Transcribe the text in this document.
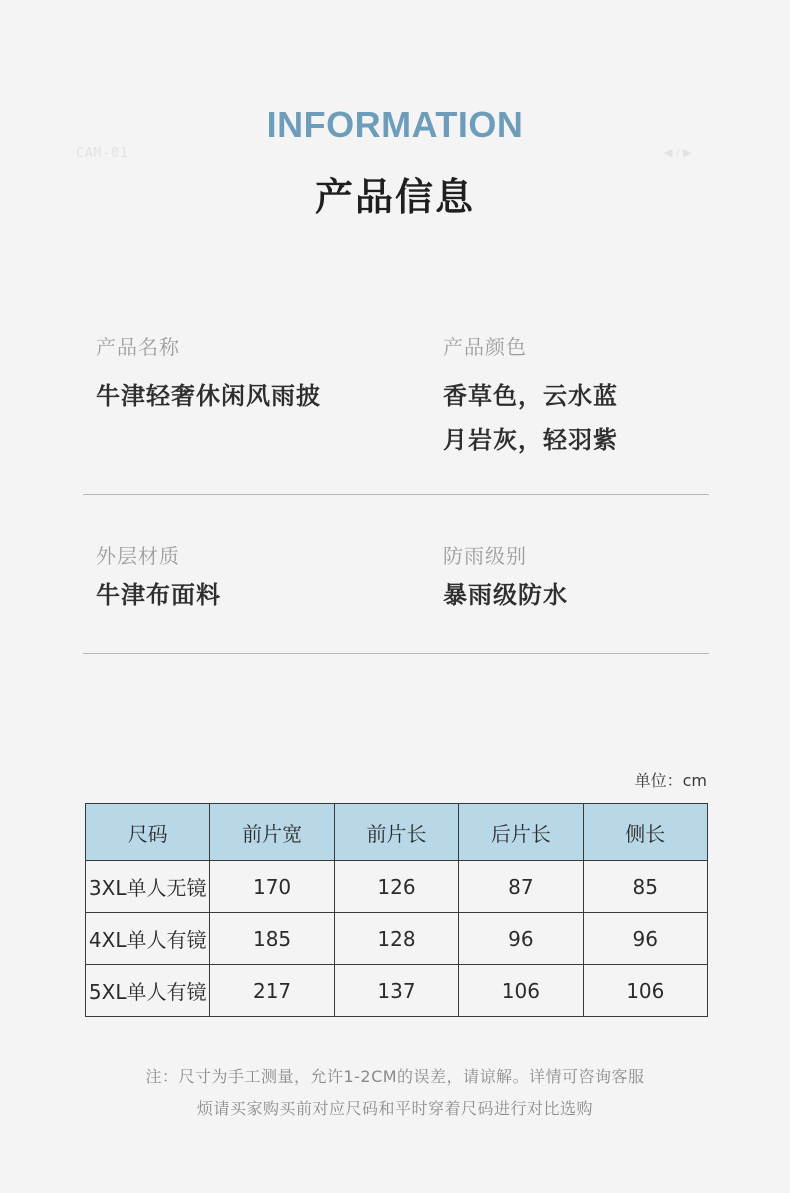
CAM-01	◀ / ▶
INFORMATION
产品信息
产品名称
牛津轻奢休闲风雨披
产品颜色
香草色，云水蓝
月岩灰，轻羽紫
外层材质
牛津布面料
防雨级别
暴雨级防水
单位：cm
尺码	前片宽	前片长	后片长	侧长
3XL单人无镜	170	126	87	85
4XL单人有镜	185	128	96	96
5XL单人有镜	217	137	106	106
注：尺寸为手工测量，允许1-2CM的误差，请谅解。详情可咨询客服
烦请买家购买前对应尺码和平时穿着尺码进行对比选购
